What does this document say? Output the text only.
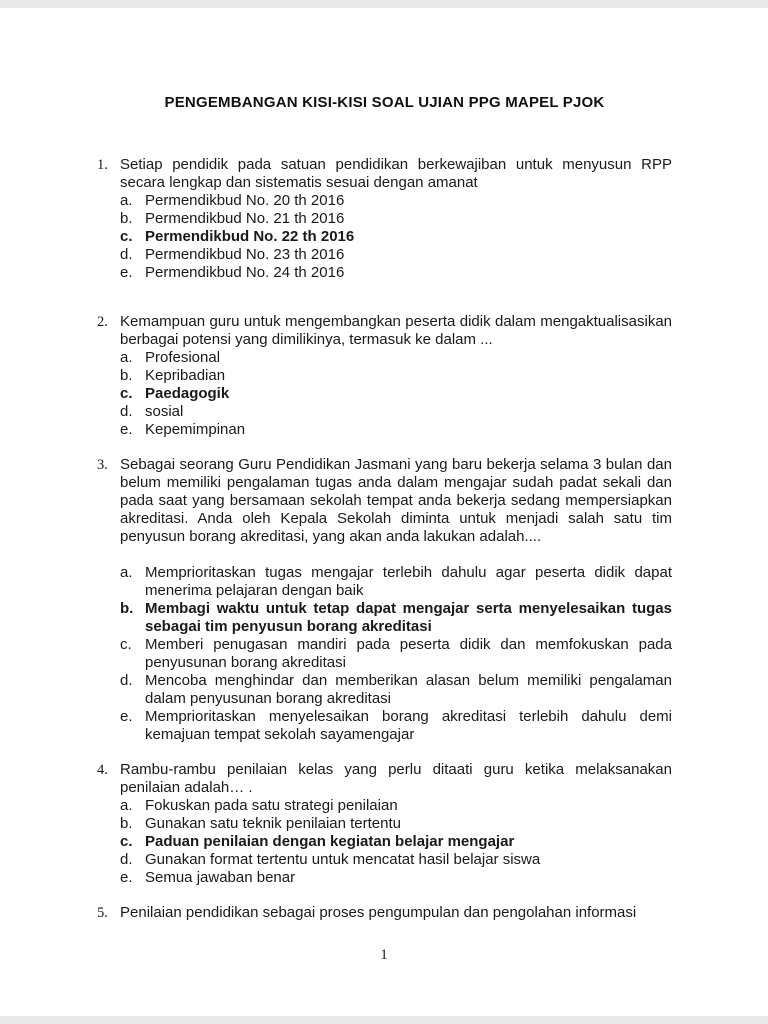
PENGEMBANGAN KISI-KISI SOAL UJIAN PPG MAPEL PJOK
1. Setiap pendidik pada satuan pendidikan berkewajiban untuk menyusun RPP secara lengkap dan sistematis sesuai dengan amanat

a. Permendikbud No. 20 th 2016
b. Permendikbud No. 21 th 2016
c. Permendikbud No. 22 th 2016
d. Permendikbud No. 23 th 2016
e. Permendikbud No. 24 th 2016
2. Kemampuan guru untuk mengembangkan peserta didik dalam mengaktualisasikan berbagai potensi yang dimilikinya, termasuk ke dalam ...

a. Profesional
b. Kepribadian
c. Paedagogik
d. sosial
e. Kepemimpinan
3. Sebagai seorang Guru Pendidikan Jasmani yang baru bekerja selama 3 bulan dan belum memiliki pengalaman tugas anda dalam mengajar sudah padat sekali dan pada saat yang bersamaan sekolah tempat anda bekerja sedang mempersiapkan akreditasi. Anda oleh Kepala Sekolah diminta untuk menjadi salah satu tim penyusun borang akreditasi, yang akan anda lakukan adalah....

a. Memprioritaskan tugas mengajar terlebih dahulu agar peserta didik dapat menerima pelajaran dengan baik
b. Membagi waktu untuk tetap dapat mengajar serta menyelesaikan tugas sebagai tim penyusun borang akreditasi
c. Memberi penugasan mandiri pada peserta didik dan memfokuskan pada penyusunan borang akreditasi
d. Mencoba menghindar dan memberikan alasan belum memiliki pengalaman dalam penyusunan borang akreditasi
e. Memprioritaskan menyelesaikan borang akreditasi terlebih dahulu demi kemajuan tempat sekolah sayamengajar
4. Rambu-rambu penilaian kelas yang perlu ditaati guru ketika melaksanakan penilaian adalah… .

a. Fokuskan pada satu strategi penilaian
b. Gunakan satu teknik penilaian tertentu
c. Paduan penilaian dengan kegiatan belajar mengajar
d. Gunakan format tertentu untuk mencatat hasil belajar siswa
e. Semua jawaban benar
5. Penilaian pendidikan sebagai proses pengumpulan dan pengolahan informasi

1
